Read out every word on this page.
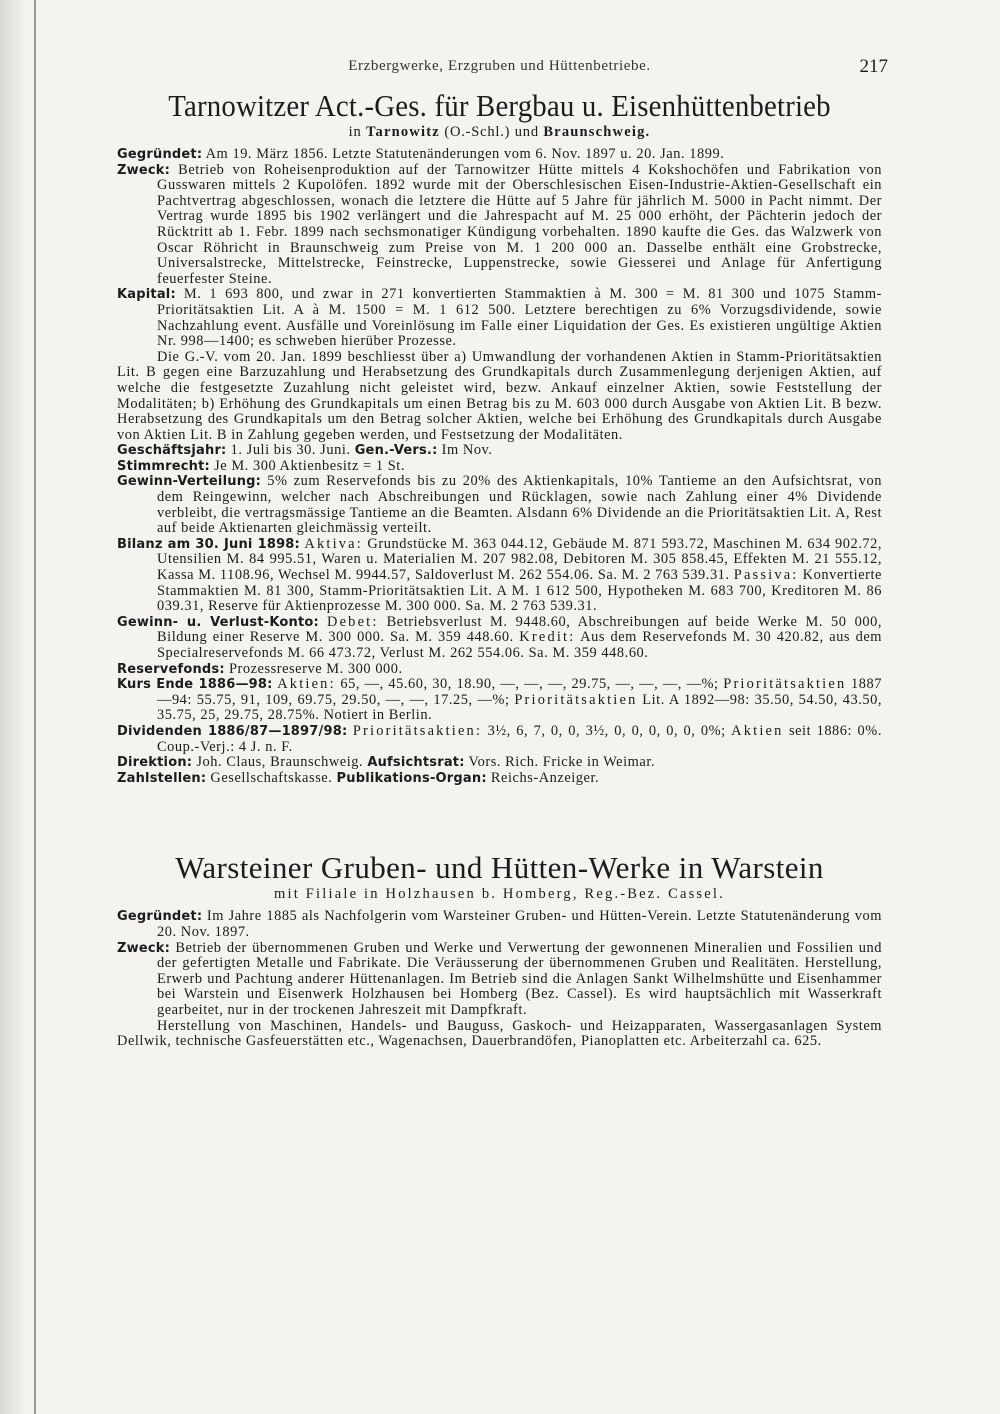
Erzbergwerke, Erzgruben und Hüttenbetriebe.	217
Tarnowitzer Act.-Ges. für Bergbau u. Eisenhüttenbetrieb
in Tarnowitz (O.-Schl.) und Braunschweig.

Gegründet: Am 19. März 1856. Letzte Statutenänderungen vom 6. Nov. 1897 u. 20. Jan. 1899.

Zweck: Betrieb von Roheisenproduktion auf der Tarnowitzer Hütte mittels 4 Kokshochöfen und Fabrikation von Gusswaren mittels 2 Kupolöfen. 1892 wurde mit der Oberschlesischen Eisen-Industrie-Aktien-Gesellschaft ein Pachtvertrag abgeschlossen, wonach die letztere die Hütte auf 5 Jahre für jährlich M. 5000 in Pacht nimmt. Der Vertrag wurde 1895 bis 1902 verlängert und die Jahrespacht auf M. 25 000 erhöht, der Pächterin jedoch der Rücktritt ab 1. Febr. 1899 nach sechsmonatiger Kündigung vorbehalten. 1890 kaufte die Ges. das Walzwerk von Oscar Röhricht in Braunschweig zum Preise von M. 1 200 000 an. Dasselbe enthält eine Grobstrecke, Universalstrecke, Mittelstrecke, Feinstrecke, Luppenstrecke, sowie Giesserei und Anlage für Anfertigung feuerfester Steine.

Kapital: M. 1 693 800, und zwar in 271 konvertierten Stammaktien à M. 300 = M. 81 300 und 1075 Stamm-Prioritätsaktien Lit. A à M. 1500 = M. 1 612 500. Letztere berechtigen zu 6% Vorzugsdividende, sowie Nachzahlung event. Ausfälle und Voreinlösung im Falle einer Liquidation der Ges. Es existieren ungültige Aktien Nr. 998—1400; es schweben hierüber Prozesse.

Die G.-V. vom 20. Jan. 1899 beschliesst über a) Umwandlung der vorhandenen Aktien in Stamm-Prioritätsaktien Lit. B gegen eine Barzuzahlung und Herabsetzung des Grundkapitals durch Zusammenlegung derjenigen Aktien, auf welche die festgesetzte Zuzahlung nicht geleistet wird, bezw. Ankauf einzelner Aktien, sowie Feststellung der Modalitäten; b) Erhöhung des Grundkapitals um einen Betrag bis zu M. 603 000 durch Ausgabe von Aktien Lit. B bezw. Herabsetzung des Grundkapitals um den Betrag solcher Aktien, welche bei Erhöhung des Grundkapitals durch Ausgabe von Aktien Lit. B in Zahlung gegeben werden, und Festsetzung der Modalitäten.

Geschäftsjahr: 1. Juli bis 30. Juni. Gen.-Vers.: Im Nov.

Stimmrecht: Je M. 300 Aktienbesitz = 1 St.

Gewinn-Verteilung: 5% zum Reservefonds bis zu 20% des Aktienkapitals, 10% Tantieme an den Aufsichtsrat, von dem Reingewinn, welcher nach Abschreibungen und Rücklagen, sowie nach Zahlung einer 4% Dividende verbleibt, die vertragsmässige Tantieme an die Beamten. Alsdann 6% Dividende an die Prioritätsaktien Lit. A, Rest auf beide Aktienarten gleichmässig verteilt.

Bilanz am 30. Juni 1898: Aktiva: Grundstücke M. 363 044.12, Gebäude M. 871 593.72, Maschinen M. 634 902.72, Utensilien M. 84 995.51, Waren u. Materialien M. 207 982.08, Debitoren M. 305 858.45, Effekten M. 21 555.12, Kassa M. 1108.96, Wechsel M. 9944.57, Saldoverlust M. 262 554.06. Sa. M. 2 763 539.31. Passiva: Konvertierte Stammaktien M. 81 300, Stamm-Prioritätsaktien Lit. A M. 1 612 500, Hypotheken M. 683 700, Kreditoren M. 86 039.31, Reserve für Aktienprozesse M. 300 000. Sa. M. 2 763 539.31.

Gewinn- u. Verlust-Konto: Debet: Betriebsverlust M. 9448.60, Abschreibungen auf beide Werke M. 50 000, Bildung einer Reserve M. 300 000. Sa. M. 359 448.60. Kredit: Aus dem Reservefonds M. 30 420.82, aus dem Specialreservefonds M. 66 473.72, Verlust M. 262 554.06. Sa. M. 359 448.60.

Reservefonds: Prozessreserve M. 300 000.

Kurs Ende 1886—98: Aktien: 65, —, 45.60, 30, 18.90, —, —, —, 29.75, —, —, —, —%; Prioritätsaktien 1887—94: 55.75, 91, 109, 69.75, 29.50, —, —, 17.25, —%; Prioritätsaktien Lit. A 1892—98: 35.50, 54.50, 43.50, 35.75, 25, 29.75, 28.75%. Notiert in Berlin.

Dividenden 1886/87—1897/98: Prioritätsaktien: 3½, 6, 7, 0, 0, 3½, 0, 0, 0, 0, 0, 0%; Aktien seit 1886: 0%. Coup.-Verj.: 4 J. n. F.

Direktion: Joh. Claus, Braunschweig. Aufsichtsrat: Vors. Rich. Fricke in Weimar.

Zahlstellen: Gesellschaftskasse. Publikations-Organ: Reichs-Anzeiger.

Warsteiner Gruben- und Hütten-Werke in Warstein
mit Filiale in Holzhausen b. Homberg, Reg.-Bez. Cassel.

Gegründet: Im Jahre 1885 als Nachfolgerin vom Warsteiner Gruben- und Hütten-Verein. Letzte Statutenänderung vom 20. Nov. 1897.

Zweck: Betrieb der übernommenen Gruben und Werke und Verwertung der gewonnenen Mineralien und Fossilien und der gefertigten Metalle und Fabrikate. Die Veräusserung der übernommenen Gruben und Realitäten. Herstellung, Erwerb und Pachtung anderer Hüttenanlagen. Im Betrieb sind die Anlagen Sankt Wilhelmshütte und Eisenhammer bei Warstein und Eisenwerk Holzhausen bei Homberg (Bez. Cassel). Es wird hauptsächlich mit Wasserkraft gearbeitet, nur in der trockenen Jahreszeit mit Dampfkraft.

Herstellung von Maschinen, Handels- und Bauguss, Gaskoch- und Heizapparaten, Wassergasanlagen System Dellwik, technische Gasfeuerstätten etc., Wagenachsen, Dauerbrandöfen, Pianoplatten etc. Arbeiterzahl ca. 625.
